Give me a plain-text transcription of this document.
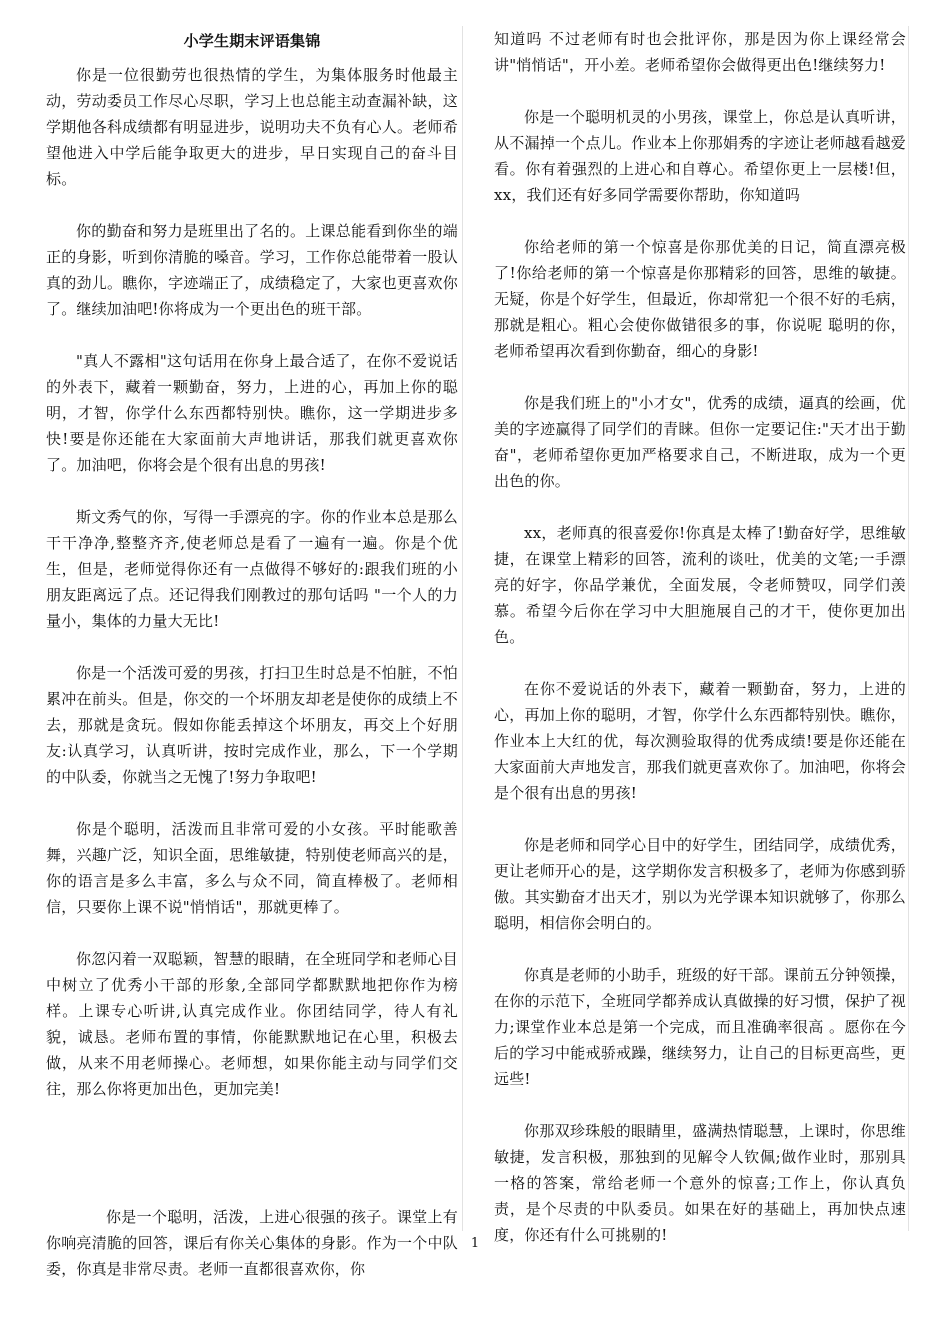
小学生期末评语集锦

你是一位很勤劳也很热情的学生，为集体服务时他最主动，劳动委员工作尽心尽职，学习上也总能主动查漏补缺，这学期他各科成绩都有明显进步，说明功夫不负有心人。老师希望他进入中学后能争取更大的进步，早日实现自己的奋斗目标。

你的勤奋和努力是班里出了名的。上课总能看到你坐的端正的身影，听到你清脆的嗓音。学习，工作你总能带着一股认真的劲儿。瞧你，字迹端正了，成绩稳定了，大家也更喜欢你了。继续加油吧!你将成为一个更出色的班干部。

"真人不露相"这句话用在你身上最合适了，在你不爱说话的外表下，藏着一颗勤奋，努力，上进的心，再加上你的聪明，才智，你学什么东西都特别快。瞧你，这一学期进步多快!要是你还能在大家面前大声地讲话，那我们就更喜欢你了。加油吧，你将会是个很有出息的男孩!

斯文秀气的你，写得一手漂亮的字。你的作业本总是那么干干净净,整整齐齐,使老师总是看了一遍有一遍。你是个优生，但是，老师觉得你还有一点做得不够好的:跟我们班的小朋友距离远了点。还记得我们刚教过的那句话吗 "一个人的力量小，集体的力量大无比!

你是一个活泼可爱的男孩，打扫卫生时总是不怕脏，不怕累冲在前头。但是，你交的一个坏朋友却老是使你的成绩上不去，那就是贪玩。假如你能丢掉这个坏朋友，再交上个好朋友:认真学习，认真听讲，按时完成作业，那么，下一个学期的中队委，你就当之无愧了!努力争取吧!

你是个聪明，活泼而且非常可爱的小女孩。平时能歌善舞，兴趣广泛，知识全面，思维敏捷，特别使老师高兴的是，你的语言是多么丰富，多么与众不同，简直棒极了。老师相信，只要你上课不说"悄悄话"，那就更棒了。

你忽闪着一双聪颖，智慧的眼睛，在全班同学和老师心目中树立了优秀小干部的形象,全部同学都默默地把你作为榜样。上课专心听讲,认真完成作业。你团结同学，待人有礼貌，诚恳。老师布置的事情，你能默默地记在心里，积极去做，从来不用老师操心。老师想，如果你能主动与同学们交往，那么你将更加出色，更加完美!

你是一个聪明，活泼，上进心很强的孩子。课堂上有你响亮清脆的回答，课后有你关心集体的身影。作为一个中队委，你真是非常尽责。老师一直都很喜欢你，你

知道吗 不过老师有时也会批评你，那是因为你上课经常会讲"悄悄话"，开小差。老师希望你会做得更出色!继续努力!

你是一个聪明机灵的小男孩，课堂上，你总是认真听讲，从不漏掉一个点儿。作业本上你那娟秀的字迹让老师越看越爱看。你有着强烈的上进心和自尊心。希望你更上一层楼!但，xx，我们还有好多同学需要你帮助，你知道吗

你给老师的第一个惊喜是你那优美的日记，简直漂亮极了!你给老师的第一个惊喜是你那精彩的回答，思维的敏捷。无疑，你是个好学生，但最近，你却常犯一个很不好的毛病，那就是粗心。粗心会使你做错很多的事，你说呢 聪明的你，老师希望再次看到你勤奋，细心的身影!

你是我们班上的"小才女"，优秀的成绩，逼真的绘画，优美的字迹赢得了同学们的青睐。但你一定要记住:"天才出于勤奋"，老师希望你更加严格要求自己，不断进取，成为一个更出色的你。

xx，老师真的很喜爱你!你真是太棒了!勤奋好学，思维敏捷，在课堂上精彩的回答，流利的谈吐，优美的文笔;一手漂亮的好字，你品学兼优，全面发展，令老师赞叹，同学们羡慕。希望今后你在学习中大胆施展自己的才干，使你更加出色。

在你不爱说话的外表下，藏着一颗勤奋，努力，上进的心，再加上你的聪明，才智，你学什么东西都特别快。瞧你，作业本上大红的优，每次测验取得的优秀成绩!要是你还能在大家面前大声地发言，那我们就更喜欢你了。加油吧，你将会是个很有出息的男孩!

你是老师和同学心目中的好学生，团结同学，成绩优秀，更让老师开心的是，这学期你发言积极多了，老师为你感到骄傲。其实勤奋才出天才，别以为光学课本知识就够了，你那么聪明，相信你会明白的。

你真是老师的小助手，班级的好干部。课前五分钟领操，在你的示范下，全班同学都养成认真做操的好习惯，保护了视力;课堂作业本总是第一个完成，而且准确率很高 。愿你在今后的学习中能戒骄戒躁，继续努力，让自己的目标更高些，更远些!

你那双珍珠般的眼睛里，盛满热情聪慧，上课时，你思维敏捷，发言积极，那独到的见解令人钦佩;做作业时，那别具一格的答案，常给老师一个意外的惊喜;工作上，你认真负责，是个尽责的中队委员。如果在好的基础上，再加快点速度，你还有什么可挑剔的!

1
